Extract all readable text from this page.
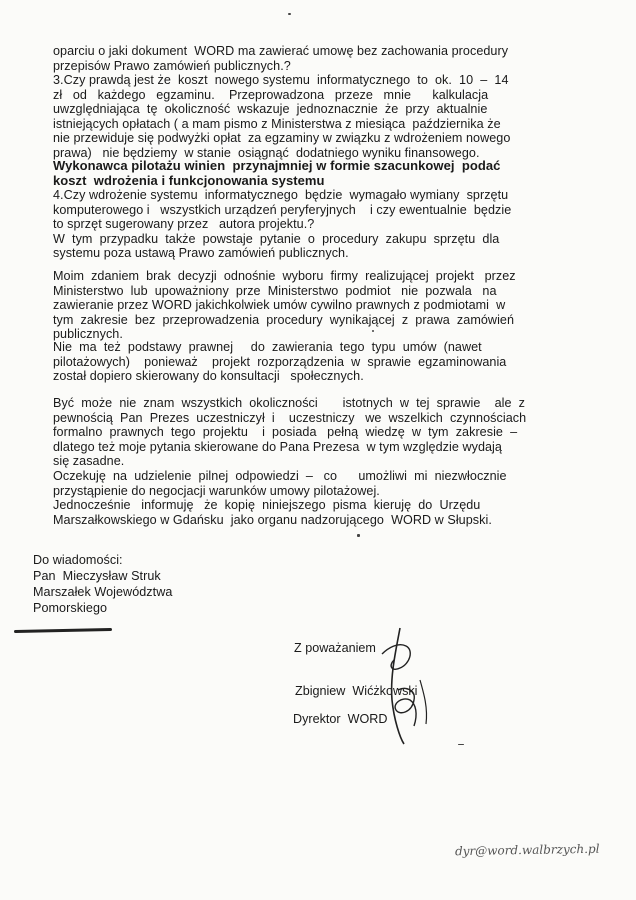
oparciu o jaki dokument  WORD ma zawierać umowę bez zachowania procedury
przepisów Prawo zamówień publicznych.?
3.Czy prawdą jest że  koszt  nowego systemu  informatycznego  to  ok.  10  –  14
zł   od   każdego   egzaminu.    Przeprowadzona   przeze   mnie      kalkulacja
uwzględniająca  tę  okoliczność  wskazuje  jednoznacznie  że  przy  aktualnie
istniejących opłatach ( a mam pismo z Ministerstwa z miesiąca  października że
nie przewiduje się podwyżki opłat  za egzaminy w związku z wdrożeniem nowego
prawa)   nie będziemy  w stanie  osiągnąć  dodatniego wyniku finansowego.
Wykonawca pilotażu winien  przynajmniej w formie szacunkowej  podać
koszt  wdrożenia i funkcjonowania systemu
4.Czy wdrożenie systemu  informatycznego  będzie  wymagało wymiany  sprzętu
komputerowego i   wszystkich urządzeń peryferyjnych    i czy ewentualnie  będzie
to sprzęt sugerowany przez   autora projektu.?
W  tym  przypadku  także  powstaje  pytanie  o  procedury  zakupu  sprzętu  dla
systemu poza ustawą Prawo zamówień publicznych.
Moim  zdaniem  brak  decyzji  odnośnie  wyboru  firmy  realizującej  projekt   przez
Ministerstwo  lub  upoważniony  prze  Ministerstwo  podmiot   nie  pozwala   na
zawieranie przez WORD jakichkolwiek umów cywilno prawnych z podmiotami  w
tym  zakresie  bez  przeprowadzenia  procedury  wynikającej  z  prawa  zamówień
publicznych.
Nie  ma  też  podstawy  prawnej     do  zawierania  tego  typu  umów  (nawet
pilotażowych)    ponieważ    projekt  rozporządzenia  w  sprawie  egzaminowania
został dopiero skierowany do konsultacji   społecznych.
Być  może  nie  znam  wszystkich  okoliczności       istotnych  w  tej  sprawie    ale  z
pewnością  Pan  Prezes  uczestniczył  i    uczestniczy   we  wszelkich  czynnościach
formalno  prawnych  tego  projektu    i  posiada   pełną  wiedzę  w  tym  zakresie  –
dlatego też moje pytania skierowane do Pana Prezesa  w tym względzie wydają
się zasadne.
Oczekuję  na  udzielenie  pilnej  odpowiedzi  –   co      umożliwi  mi  niezwłocznie
przystąpienie do negocjacji warunków umowy pilotażowej.
Jednocześnie   informuję   że  kopię  niniejszego  pisma  kieruję  do  Urzędu
Marszałkowskiego w Gdańsku  jako organu nadzorującego  WORD w Słupski.
Do wiadomości:
Pan  Mieczysław Struk
Marszałek Województwa
Pomorskiego
Z poważaniem
Zbigniew  Wićżkowski
Dyrektor  WORD
dyr@word.walbrzych.pl
